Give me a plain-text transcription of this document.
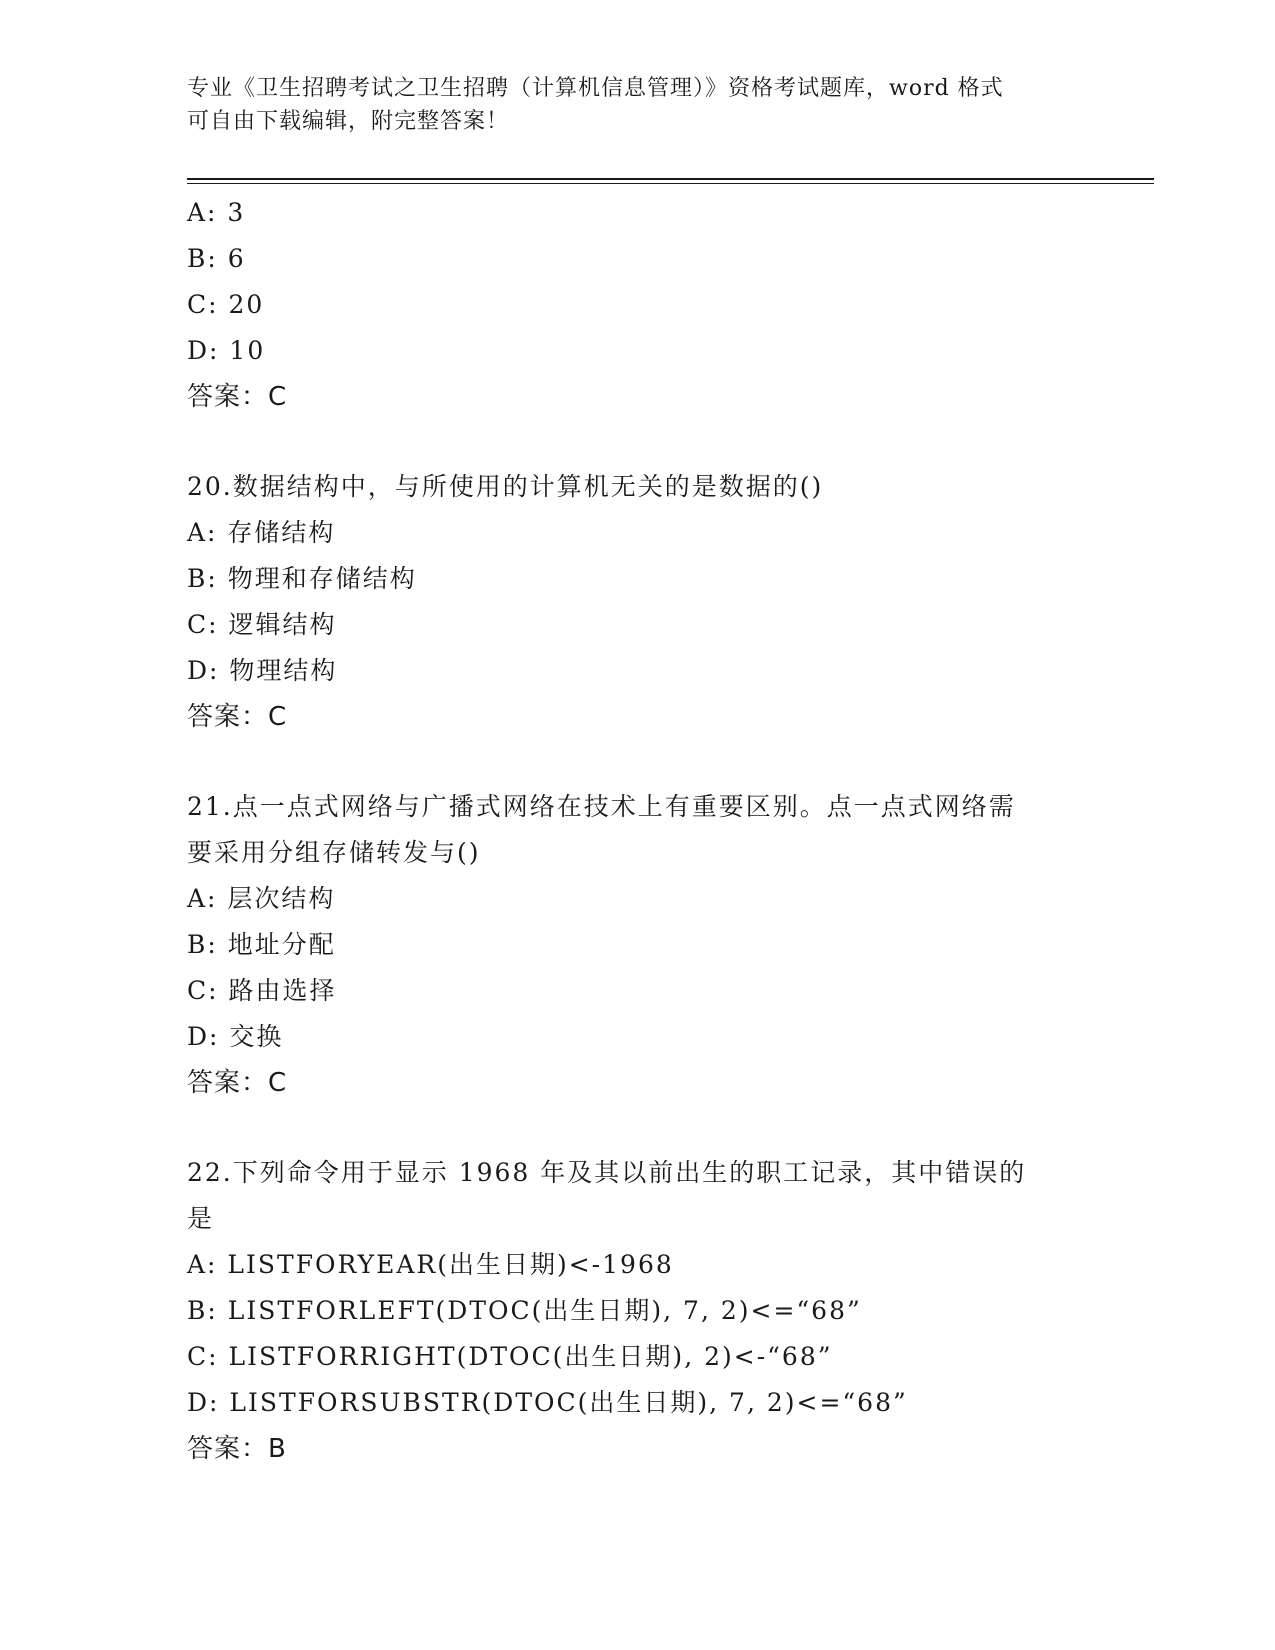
专业《卫生招聘考试之卫生招聘（计算机信息管理）》资格考试题库，word 格式
可自由下载编辑，附完整答案！
A: 3
B: 6
C: 20
D: 10
答案：C
20.数据结构中，与所使用的计算机无关的是数据的()
A: 存储结构
B: 物理和存储结构
C: 逻辑结构
D: 物理结构
答案：C
21.点一点式网络与广播式网络在技术上有重要区别。点一点式网络需
要采用分组存储转发与()
A: 层次结构
B: 地址分配
C: 路由选择
D: 交换
答案：C
22.下列命令用于显示 1968 年及其以前出生的职工记录，其中错误的
是
A: LISTFORYEAR(出生日期)<-1968
B: LISTFORLEFT(DTOC(出生日期), 7, 2)<=“68”
C: LISTFORRIGHT(DTOC(出生日期), 2)<-“68”
D: LISTFORSUBSTR(DTOC(出生日期), 7, 2)<=“68”
答案：B
